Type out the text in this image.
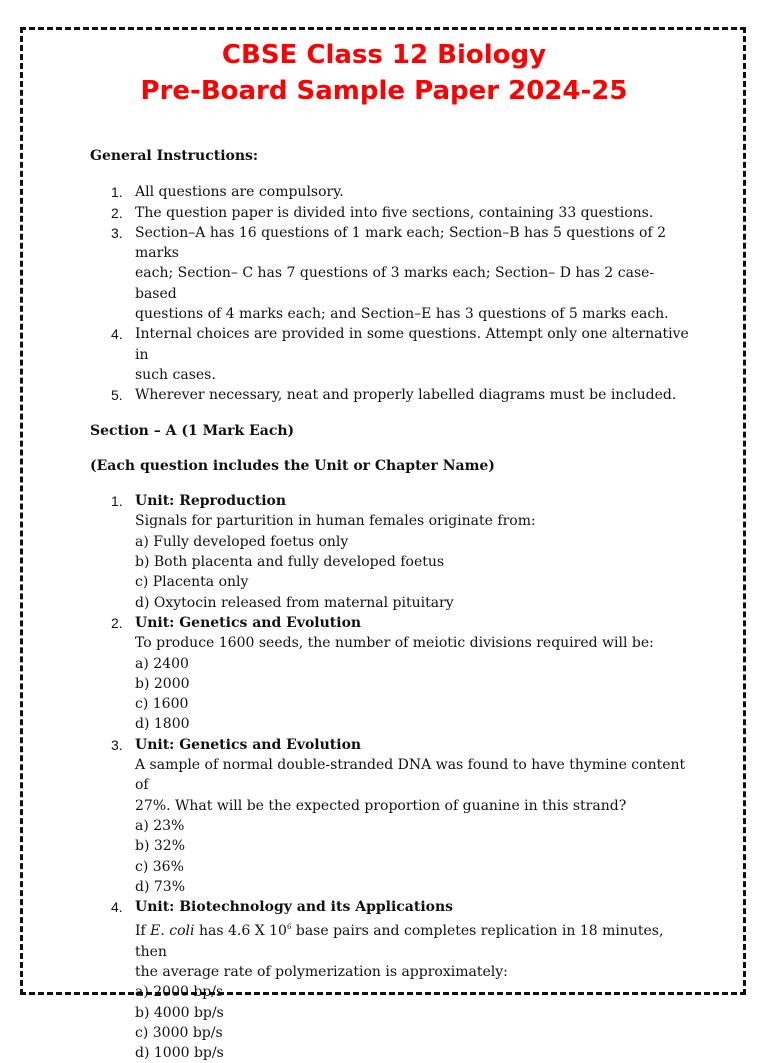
CBSE Class 12 Biology
Pre-Board Sample Paper 2024-25

General Instructions:

1. All questions are compulsory.
2. The question paper is divided into five sections, containing 33 questions.
3. Section–A has 16 questions of 1 mark each; Section–B has 5 questions of 2 marks
each; Section– C has 7 questions of 3 marks each; Section– D has 2 case-based
questions of 4 marks each; and Section–E has 3 questions of 5 marks each.
4. Internal choices are provided in some questions. Attempt only one alternative in
such cases.
5. Wherever necessary, neat and properly labelled diagrams must be included.

Section – A (1 Mark Each)

(Each question includes the Unit or Chapter Name)

1. Unit: Reproduction
Signals for parturition in human females originate from:
a) Fully developed foetus only
b) Both placenta and fully developed foetus
c) Placenta only
d) Oxytocin released from maternal pituitary
2. Unit: Genetics and Evolution
To produce 1600 seeds, the number of meiotic divisions required will be:
a) 2400
b) 2000
c) 1600
d) 1800
3. Unit: Genetics and Evolution
A sample of normal double-stranded DNA was found to have thymine content of
27%. What will be the expected proportion of guanine in this strand?
a) 23%
b) 32%
c) 36%
d) 73%
4. Unit: Biotechnology and its Applications
If E. coli has 4.6 X $10^6$ base pairs and completes replication in 18 minutes, then
the average rate of polymerization is approximately:
a) 2000 bp/s
b) 4000 bp/s
c) 3000 bp/s
d) 1000 bp/s
